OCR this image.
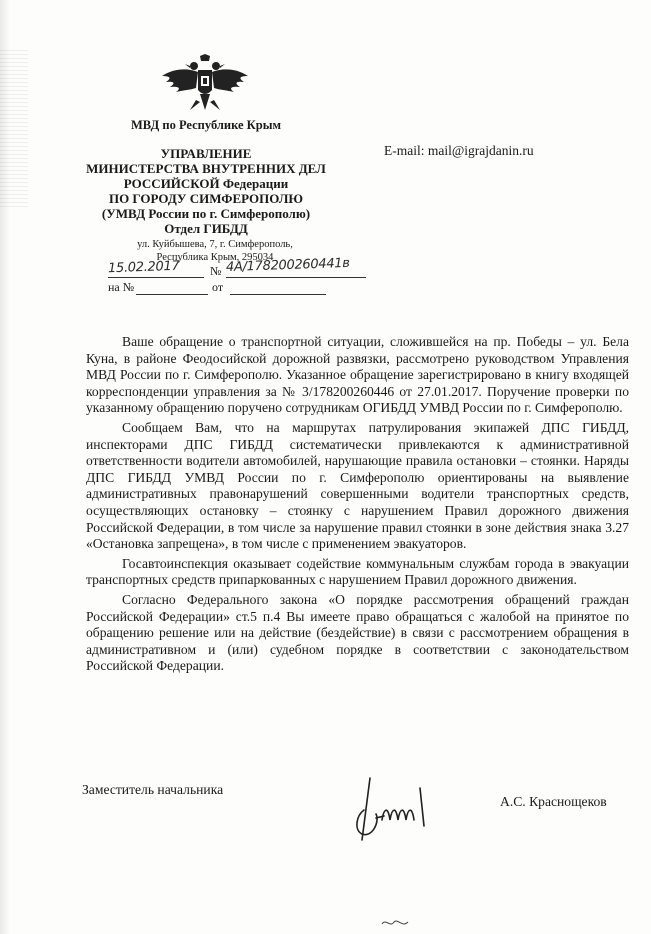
МВД по Республике Крым
УПРАВЛЕНИЕ
МИНИСТЕРСТВА ВНУТРЕННИХ ДЕЛ
РОССИЙСКОЙ Федерации
ПО ГОРОДУ СИМФЕРОПОЛЮ
(УМВД России по г. Симферополю)
Отдел ГИБДД
ул. Куйбышева, 7, г. Симферополь,
Республика Крым, 295034
E-mail: mail@igrajdanin.ru
15.02.2017	№ 4А/178200260441в
на №	от

Ваше обращение о транспортной ситуации, сложившейся на пр. Победы – ул. Бела Куна, в районе Феодосийской дорожной развязки, рассмотрено руководством Управления МВД России по г. Симферополю. Указанное обращение зарегистрировано в книгу входящей корреспонденции управления за № 3/178200260446 от 27.01.2017. Поручение проверки по указанному обращению поручено сотрудникам ОГИБДД УМВД России по г. Симферополю.

Сообщаем Вам, что на маршрутах патрулирования экипажей ДПС ГИБДД, инспекторами ДПС ГИБДД систематически привлекаются к административной ответственности водители автомобилей, нарушающие правила остановки – стоянки. Наряды ДПС ГИБДД УМВД России по г. Симферополю ориентированы на выявление административных правонарушений совершенными водители транспортных средств, осуществляющих остановку – стоянку с нарушением Правил дорожного движения Российской Федерации, в том числе за нарушение правил стоянки в зоне действия знака 3.27 «Остановка запрещена», в том числе с применением эвакуаторов.

Госавтоинспекция оказывает содействие коммунальным службам города в эвакуации транспортных средств припаркованных с нарушением Правил дорожного движения.

Согласно Федерального закона «О порядке рассмотрения обращений граждан Российской Федерации» ст.5 п.4 Вы имеете право обращаться с жалобой на принятое по обращению решение или на действие (бездействие) в связи с рассмотрением обращения в административном и (или) судебном порядке в соответствии с законодательством Российской Федерации.

Заместитель начальника
А.С. Краснощеков
